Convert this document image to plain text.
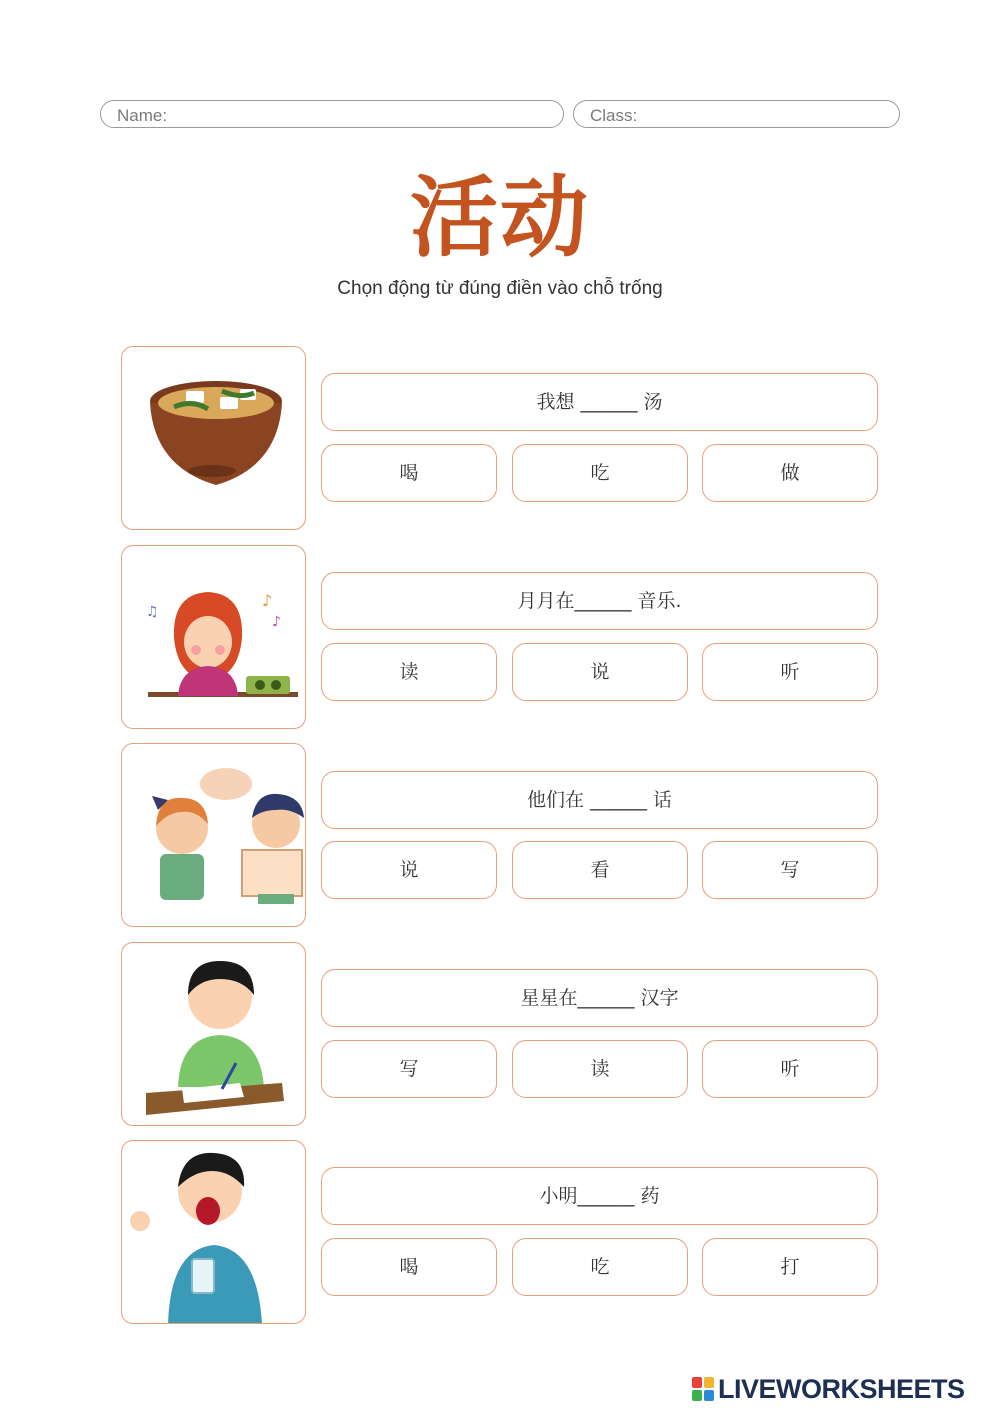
Name:	Class:
活动
Chọn động từ đúng điền vào chỗ trống
我想 ______ 汤
喝	吃	做
♪
♫
♪
月月在______ 音乐.
读	说	听
他们在 ______ 话
说	看	写
星星在______ 汉字
写	读	听
小明______ 药
喝	吃	打
LIVEWORKSHEETS
